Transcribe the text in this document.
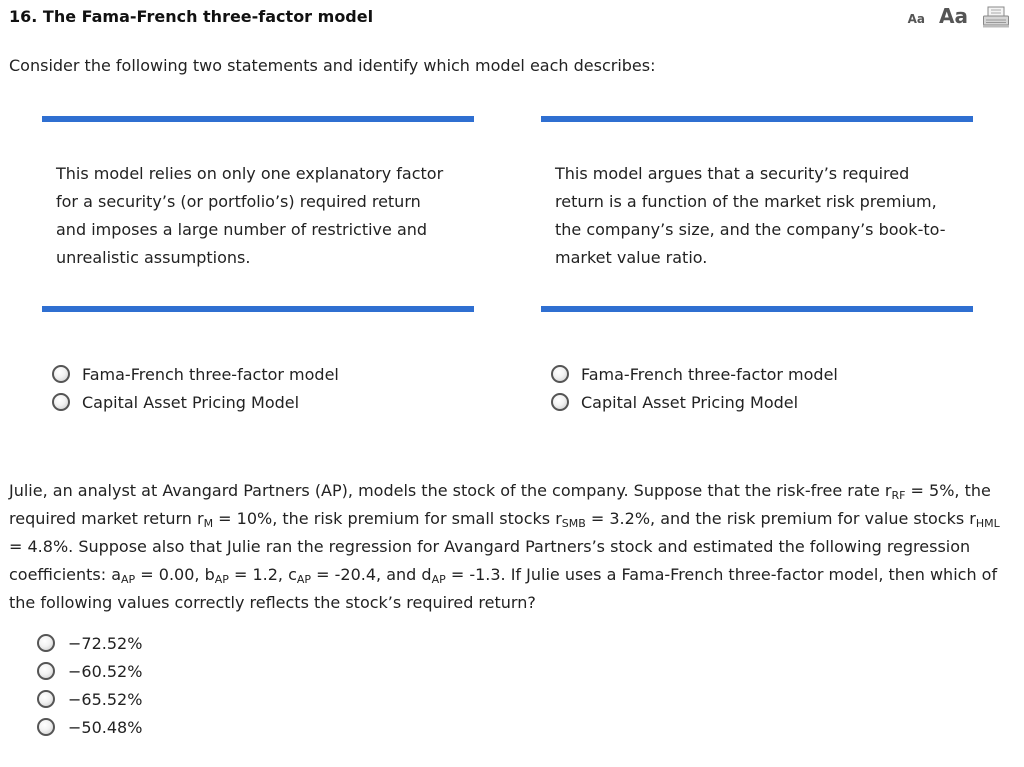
16. The Fama-French three-factor model	Aa Aa
Consider the following two statements and identify which model each describes:
This model relies on only one explanatory factor for a security’s (or portfolio’s) required return and imposes a large number of restrictive and unrealistic assumptions.
This model argues that a security’s required return is a function of the market risk premium, the company’s size, and the company’s book-to-market value ratio.
Fama-French three-factor model
Capital Asset Pricing Model
Fama-French three-factor model
Capital Asset Pricing Model
Julie, an analyst at Avangard Partners (AP), models the stock of the company. Suppose that the risk-free rate $r_{RF} = 5\%$, the required market return $r_M = 10\%$, the risk premium for small stocks $r_{SMB} = 3.2\%$, and the risk premium for value stocks $r_{HML} = 4.8\%$. Suppose also that Julie ran the regression for Avangard Partners’s stock and estimated the following regression coefficients: $a_{AP} = 0.00$, $b_{AP} = 1.2$, $c_{AP} = -20.4$, and $d_{AP} = -1.3$. If Julie uses a Fama-French three-factor model, then which of the following values correctly reflects the stock’s required return?
−72.52%
−60.52%
−65.52%
−50.48%
